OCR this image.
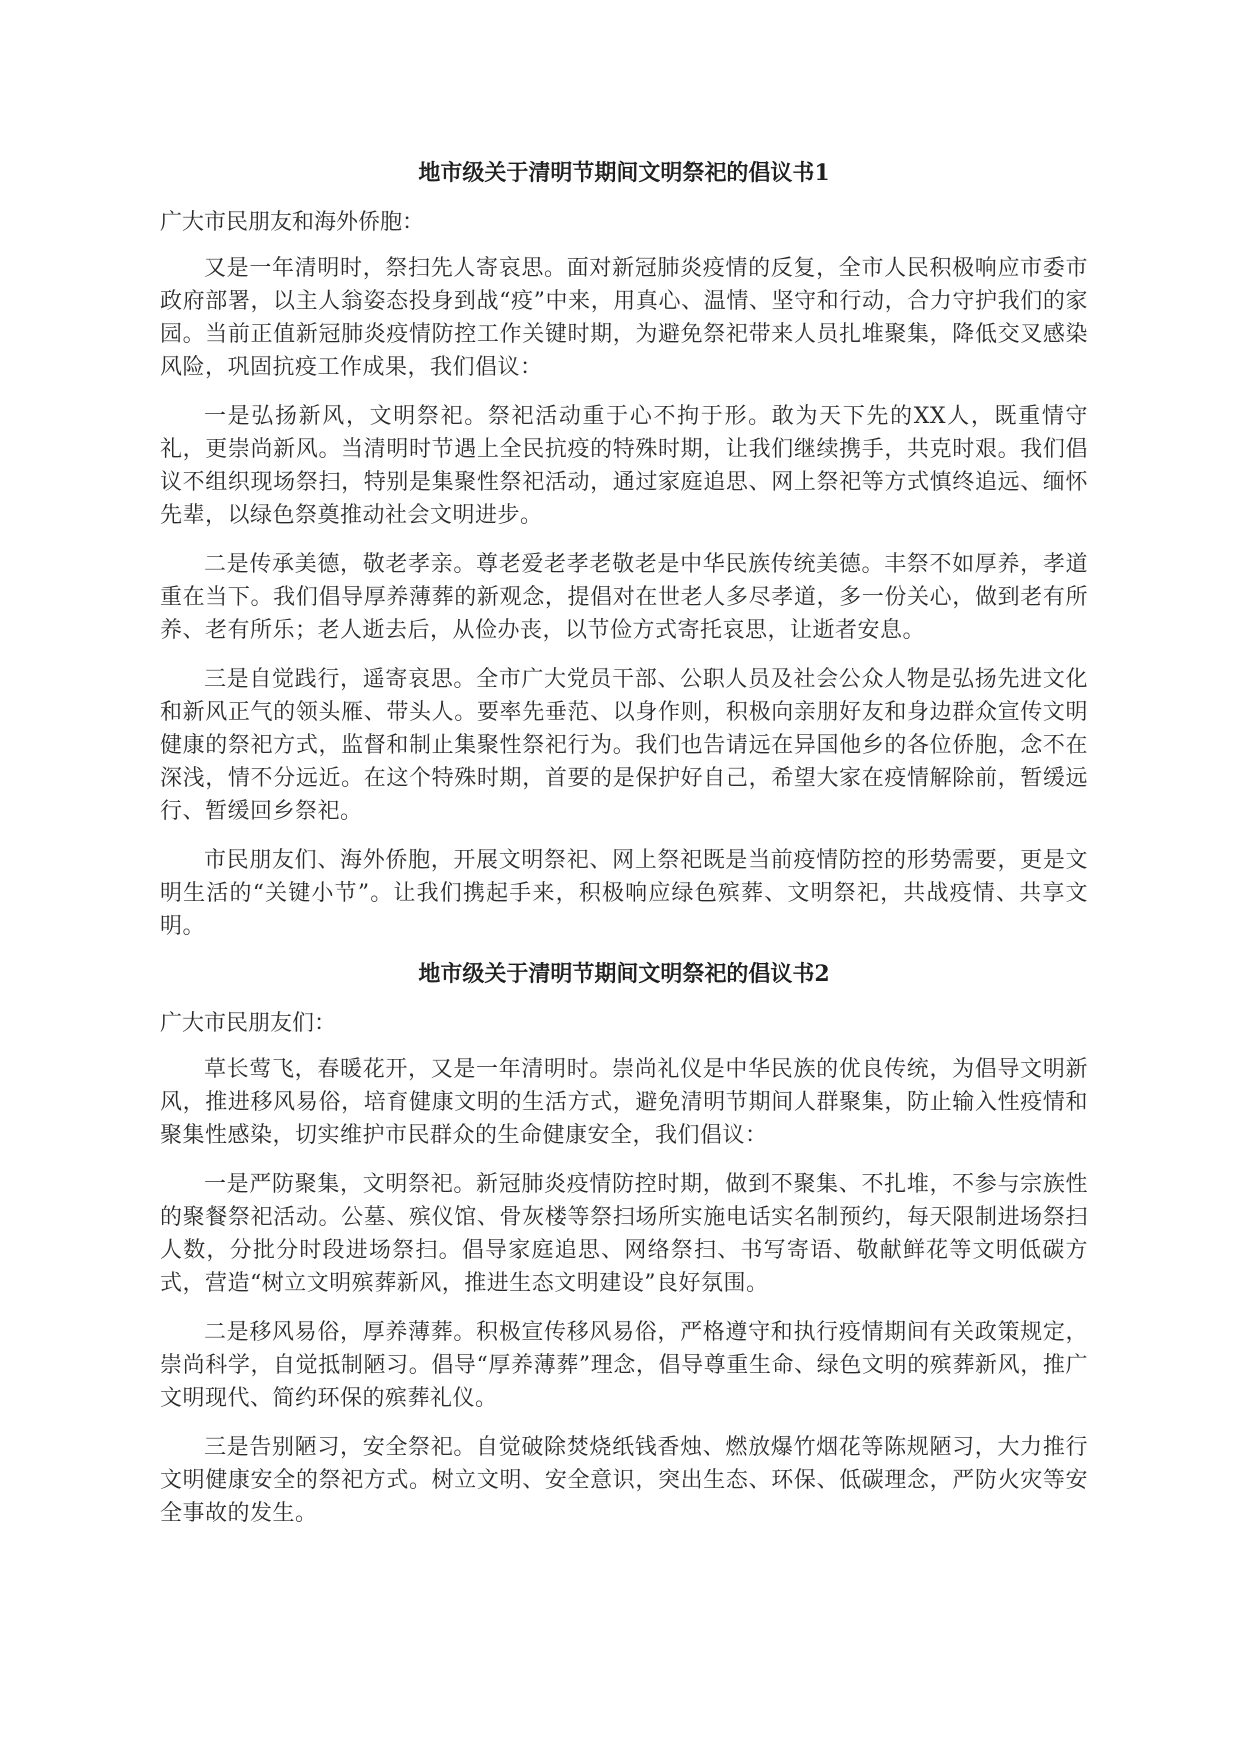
地市级关于清明节期间文明祭祀的倡议书1
广大市民朋友和海外侨胞：

又是一年清明时，祭扫先人寄哀思。面对新冠肺炎疫情的反复，全市人民积极响应市委市政府部署，以主人翁姿态投身到战“疫”中来，用真心、温情、坚守和行动，合力守护我们的家园。当前正值新冠肺炎疫情防控工作关键时期，为避免祭祀带来人员扎堆聚集，降低交叉感染风险，巩固抗疫工作成果，我们倡议：

一是弘扬新风，文明祭祀。祭祀活动重于心不拘于形。敢为天下先的XX人，既重情守礼，更崇尚新风。当清明时节遇上全民抗疫的特殊时期，让我们继续携手，共克时艰。我们倡议不组织现场祭扫，特别是集聚性祭祀活动，通过家庭追思、网上祭祀等方式慎终追远、缅怀先辈，以绿色祭奠推动社会文明进步。

二是传承美德，敬老孝亲。尊老爱老孝老敬老是中华民族传统美德。丰祭不如厚养，孝道重在当下。我们倡导厚养薄葬的新观念，提倡对在世老人多尽孝道，多一份关心，做到老有所养、老有所乐；老人逝去后，从俭办丧，以节俭方式寄托哀思，让逝者安息。

三是自觉践行，遥寄哀思。全市广大党员干部、公职人员及社会公众人物是弘扬先进文化和新风正气的领头雁、带头人。要率先垂范、以身作则，积极向亲朋好友和身边群众宣传文明健康的祭祀方式，监督和制止集聚性祭祀行为。我们也告请远在异国他乡的各位侨胞，念不在深浅，情不分远近。在这个特殊时期，首要的是保护好自己，希望大家在疫情解除前，暂缓远行、暂缓回乡祭祀。

市民朋友们、海外侨胞，开展文明祭祀、网上祭祀既是当前疫情防控的形势需要，更是文明生活的“关键小节”。让我们携起手来，积极响应绿色殡葬、文明祭祀，共战疫情、共享文明。

地市级关于清明节期间文明祭祀的倡议书2
广大市民朋友们：

草长莺飞，春暖花开，又是一年清明时。崇尚礼仪是中华民族的优良传统，为倡导文明新风，推进移风易俗，培育健康文明的生活方式，避免清明节期间人群聚集，防止输入性疫情和聚集性感染，切实维护市民群众的生命健康安全，我们倡议：

一是严防聚集，文明祭祀。新冠肺炎疫情防控时期，做到不聚集、不扎堆，不参与宗族性的聚餐祭祀活动。公墓、殡仪馆、骨灰楼等祭扫场所实施电话实名制预约，每天限制进场祭扫人数，分批分时段进场祭扫。倡导家庭追思、网络祭扫、书写寄语、敬献鲜花等文明低碳方式，营造“树立文明殡葬新风，推进生态文明建设”良好氛围。

二是移风易俗，厚养薄葬。积极宣传移风易俗，严格遵守和执行疫情期间有关政策规定，崇尚科学，自觉抵制陋习。倡导“厚养薄葬”理念，倡导尊重生命、绿色文明的殡葬新风，推广文明现代、简约环保的殡葬礼仪。

三是告别陋习，安全祭祀。自觉破除焚烧纸钱香烛、燃放爆竹烟花等陈规陋习，大力推行文明健康安全的祭祀方式。树立文明、安全意识，突出生态、环保、低碳理念，严防火灾等安全事故的发生。
